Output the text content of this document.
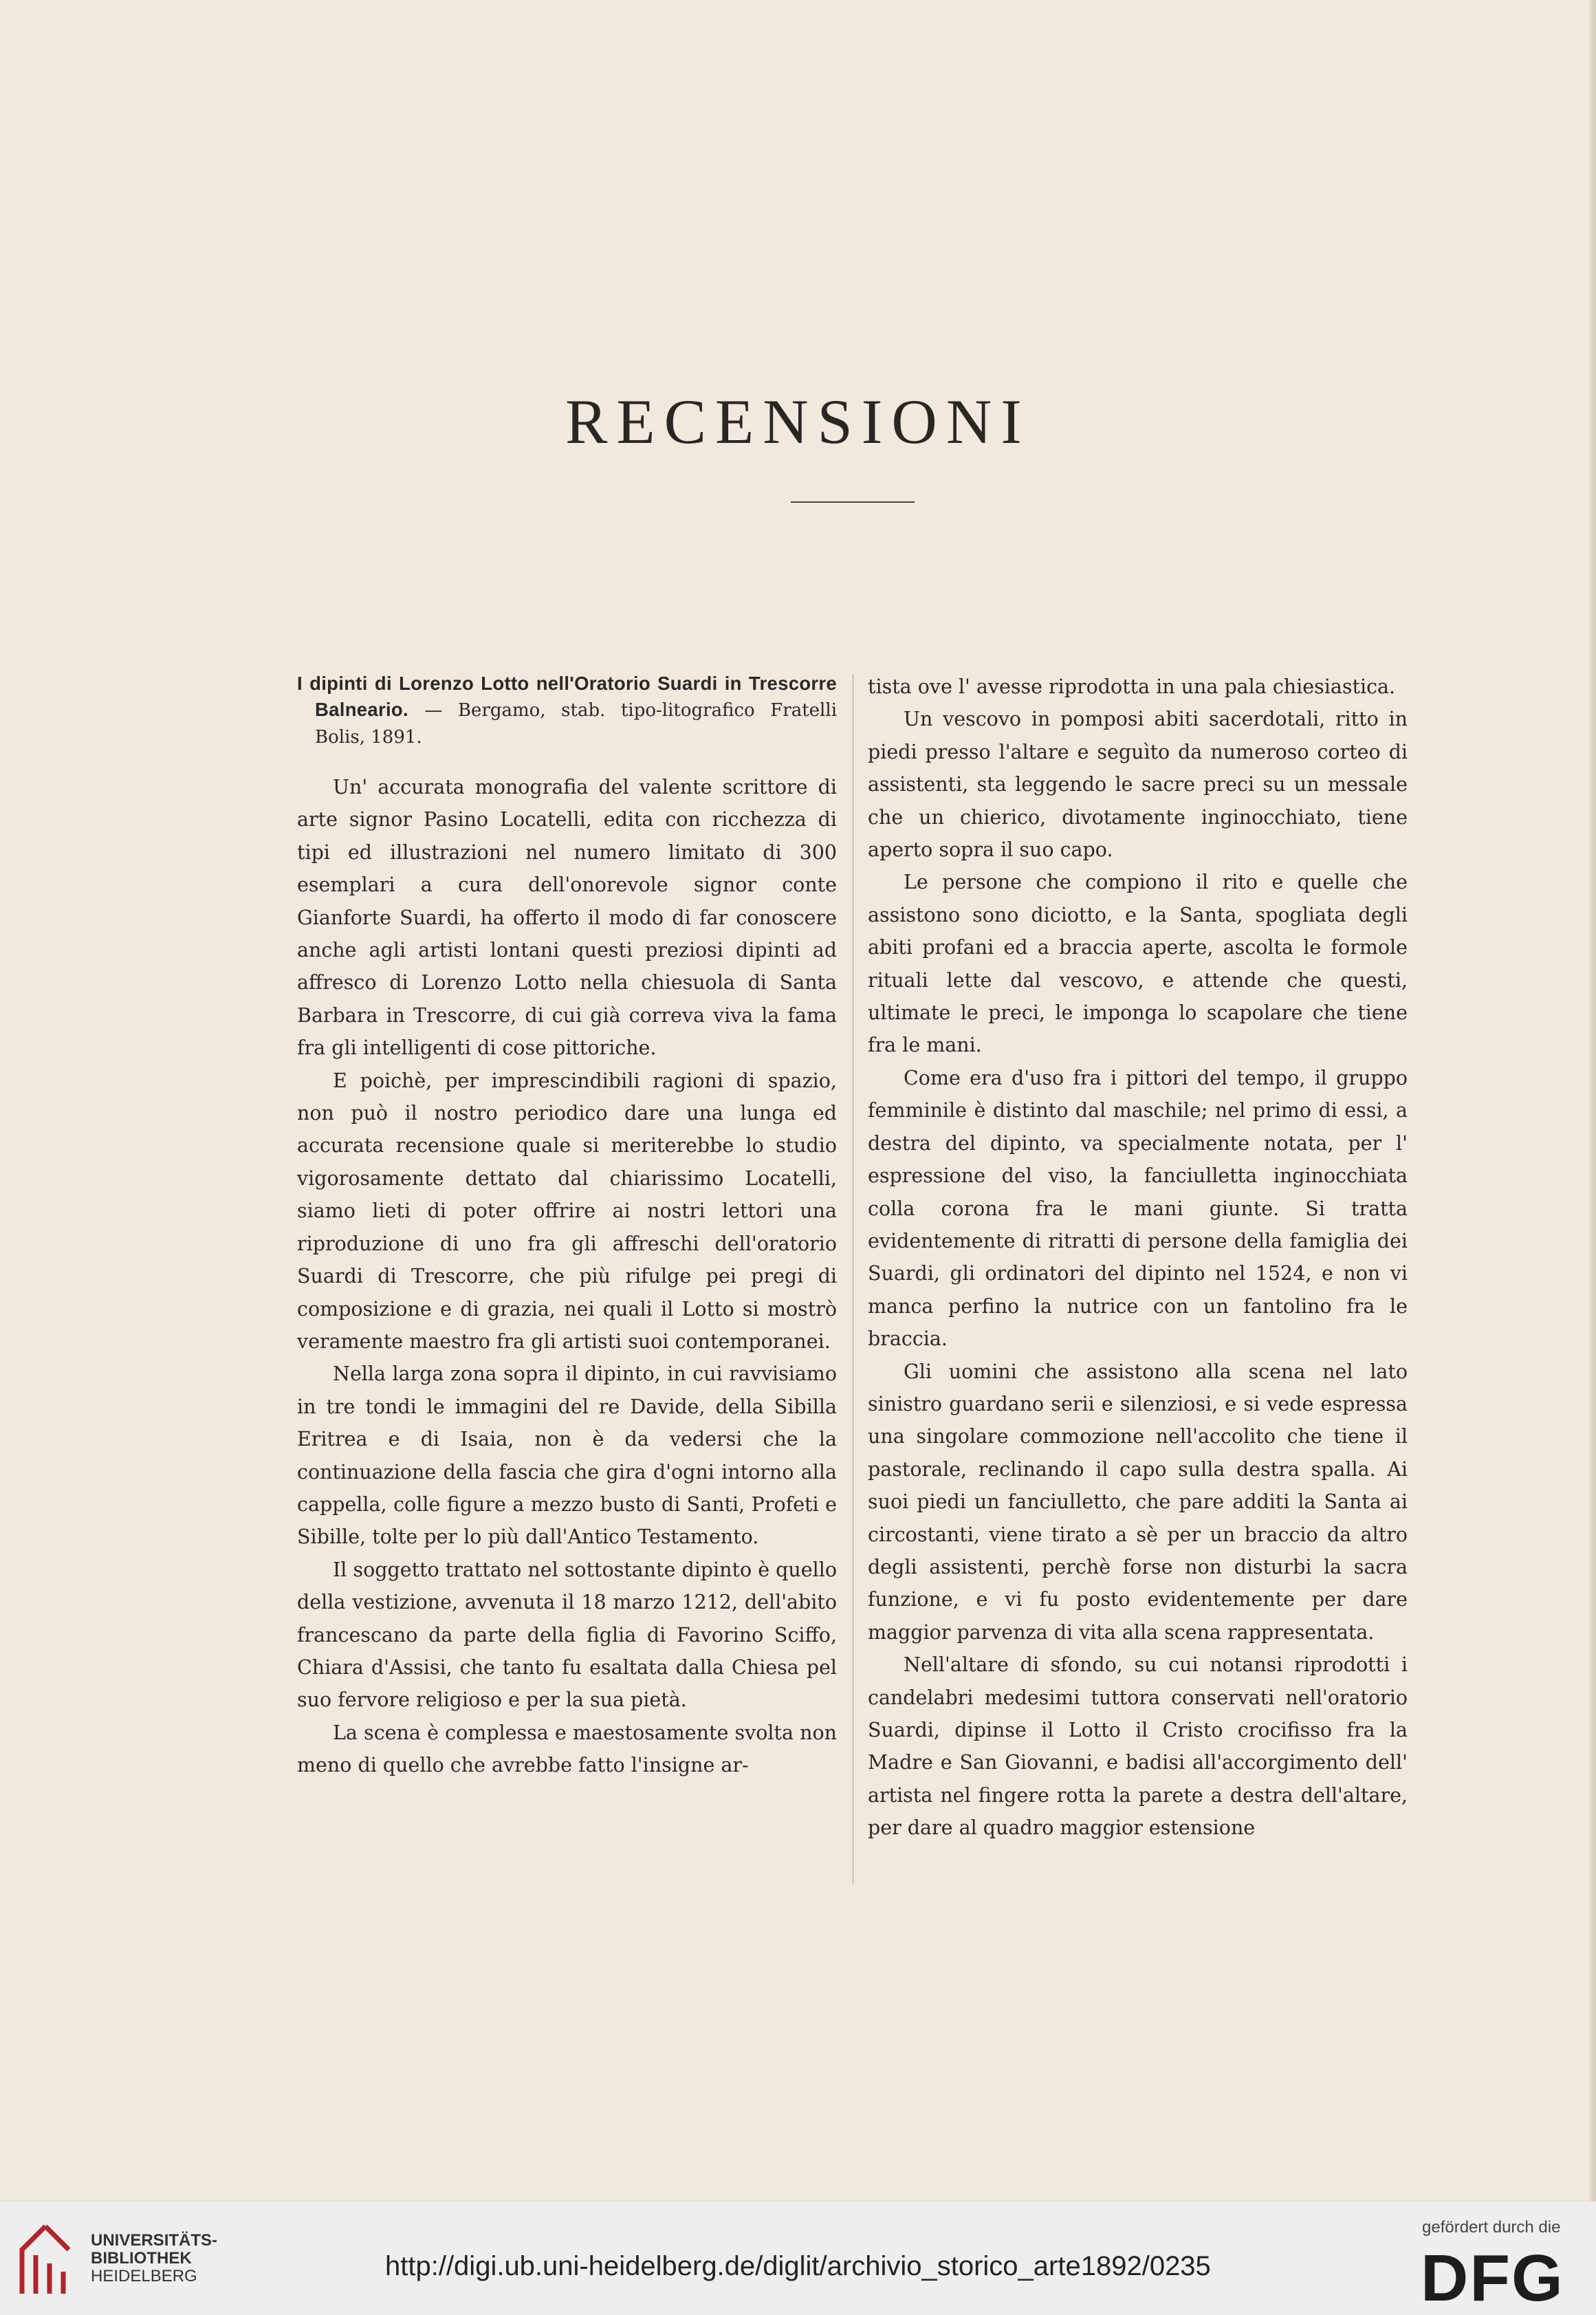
RECENSIONI

I dipinti di Lorenzo Lotto nell'Oratorio Suardi in Trescorre Balneario. — Bergamo, stab. tipo-litografico Fratelli Bolis, 1891.

Un' accurata monografia del valente scrittore di arte signor Pasino Locatelli, edita con ricchezza di tipi ed illustrazioni nel numero limitato di 300 esemplari a cura dell'onorevole signor conte Gianforte Suardi, ha offerto il modo di far conoscere anche agli artisti lontani questi preziosi dipinti ad affresco di Lorenzo Lotto nella chiesuola di Santa Barbara in Trescorre, di cui già correva viva la fama fra gli intelligenti di cose pittoriche.

E poichè, per imprescindibili ragioni di spazio, non può il nostro periodico dare una lunga ed accurata recensione quale si meriterebbe lo studio vigorosamente dettato dal chiarissimo Locatelli, siamo lieti di poter offrire ai nostri lettori una riproduzione di uno fra gli affreschi dell'oratorio Suardi di Trescorre, che più rifulge pei pregi di composizione e di grazia, nei quali il Lotto si mostrò veramente maestro fra gli artisti suoi contemporanei.

Nella larga zona sopra il dipinto, in cui ravvisiamo in tre tondi le immagini del re Davide, della Sibilla Eritrea e di Isaia, non è da vedersi che la continuazione della fascia che gira d'ogni intorno alla cappella, colle figure a mezzo busto di Santi, Profeti e Sibille, tolte per lo più dall'Antico Testamento.

Il soggetto trattato nel sottostante dipinto è quello della vestizione, avvenuta il 18 marzo 1212, dell'abito francescano da parte della figlia di Favorino Sciffo, Chiara d'Assisi, che tanto fu esaltata dalla Chiesa pel suo fervore religioso e per la sua pietà.

La scena è complessa e maestosamente svolta non meno di quello che avrebbe fatto l'insigne ar-

tista ove l' avesse riprodotta in una pala chiesiastica.

Un vescovo in pomposi abiti sacerdotali, ritto in piedi presso l'altare e seguìto da numeroso corteo di assistenti, sta leggendo le sacre preci su un messale che un chierico, divotamente inginocchiato, tiene aperto sopra il suo capo.

Le persone che compiono il rito e quelle che assistono sono diciotto, e la Santa, spogliata degli abiti profani ed a braccia aperte, ascolta le formole rituali lette dal vescovo, e attende che questi, ultimate le preci, le imponga lo scapolare che tiene fra le mani.

Come era d'uso fra i pittori del tempo, il gruppo femminile è distinto dal maschile; nel primo di essi, a destra del dipinto, va specialmente notata, per l' espressione del viso, la fanciulletta inginocchiata colla corona fra le mani giunte. Si tratta evidentemente di ritratti di persone della famiglia dei Suardi, gli ordinatori del dipinto nel 1524, e non vi manca perfino la nutrice con un fantolino fra le braccia.

Gli uomini che assistono alla scena nel lato sinistro guardano serii e silenziosi, e si vede espressa una singolare commozione nell'accolito che tiene il pastorale, reclinando il capo sulla destra spalla. Ai suoi piedi un fanciulletto, che pare additi la Santa ai circostanti, viene tirato a sè per un braccio da altro degli assistenti, perchè forse non disturbi la sacra funzione, e vi fu posto evidentemente per dare maggior parvenza di vita alla scena rappresentata.

Nell'altare di sfondo, su cui notansi riprodotti i candelabri medesimi tuttora conservati nell'oratorio Suardi, dipinse il Lotto il Cristo crocifisso fra la Madre e San Giovanni, e badisi all'accorgimento dell' artista nel fingere rotta la parete a destra dell'altare, per dare al quadro maggior estensione

UNIVERSITÄTS-
BIBLIOTHEK
HEIDELBERG	http://digi.ub.uni-heidelberg.de/diglit/archivio_storico_arte1892/0235
gefördert durch die
DFG
